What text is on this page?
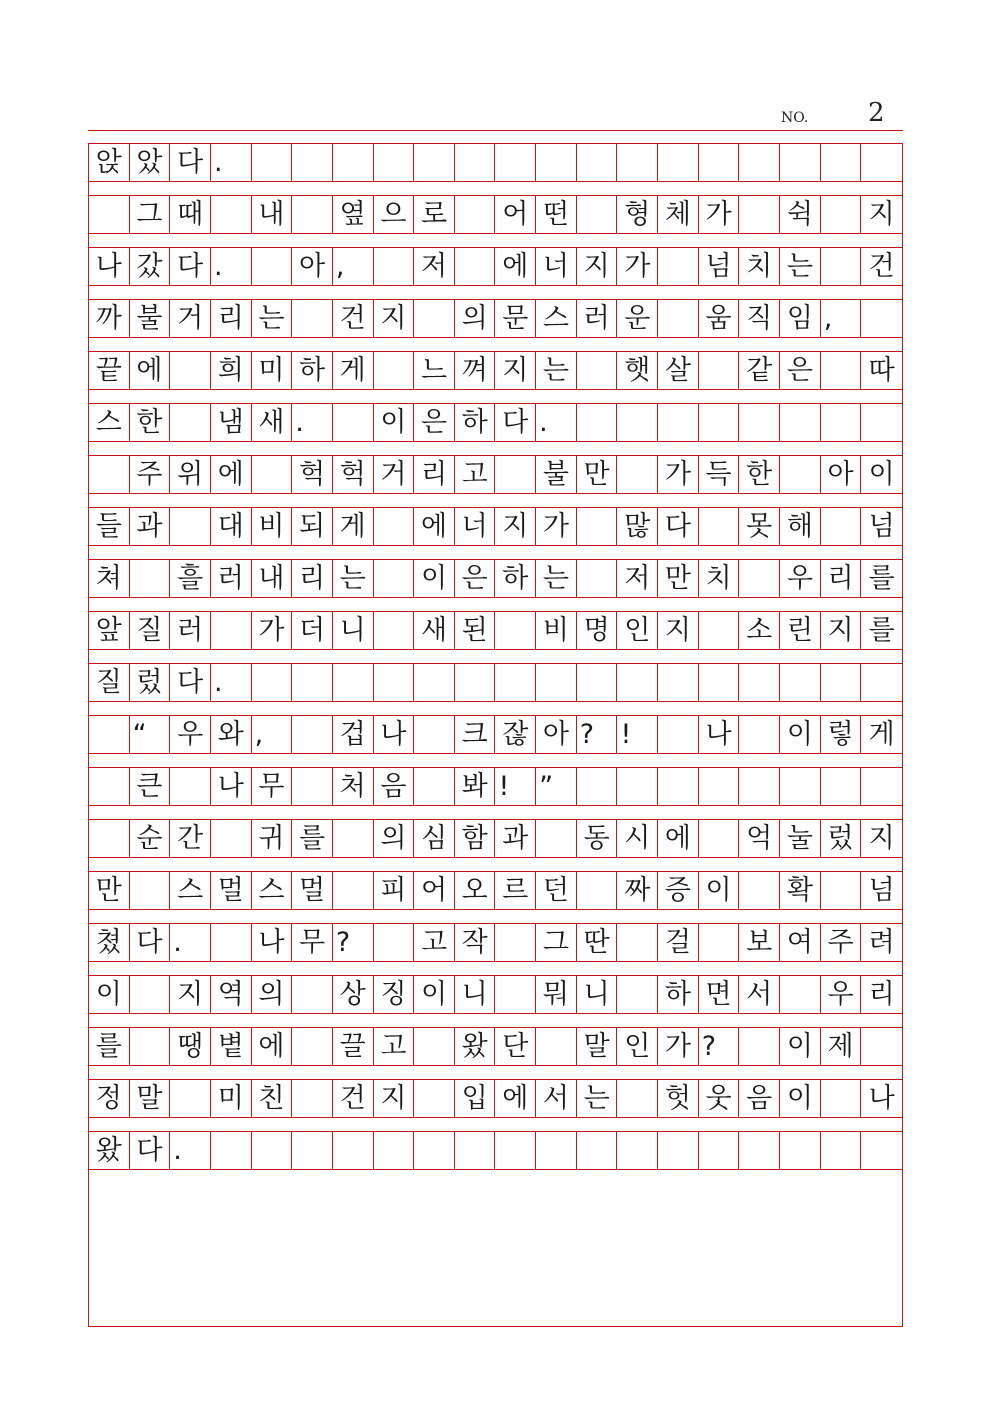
NO. 2
앉 았 다 .
그 때 내 옆 으 로 어 떤 형 체 가 쉭 지
나 갔 다 .	아 ,	저 에 너 지 가 넘 치 는 건
까 불 거 리 는 건 지 의 문 스 러 운 움 직 임 ,
끝 에 희 미 하 게 느 껴 지 는 햇 살 같 은 따
스 한 냄 새 .	이 은 하 다 .
주 위 에 헉 헉 거 리 고 불 만 가 득 한 아 이
들 과 대 비 되 게 에 너 지 가 많 다 못 해 넘
쳐 흘 러 내 리 는 이 은 하 는 저 만 치 우 리 를
앞 질 러 가 더 니 새 된 비 명 인 지 소 린 지 를
질 렀 다 .
“	우 와 ,	겁 나 크 잖 아 ? !	나 이 렇 게
큰 나 무 처 음 봐 !	”
순 간 귀 를 의 심 함 과 동 시 에 억 눌 렀 지
만 스 멀 스 멀 피 어 오 르 던 짜 증 이 확 넘
쳤 다 .	나 무 ?	고 작 그 딴 걸 보 여 주 려
이 지 역 의 상 징 이 니 뭐 니 하 면 서 우 리
를 땡 볕 에 끌 고 왔 단 말 인 가 ?	이 제
정 말 미 친 건 지 입 에 서 는 헛 웃 음 이 나
왔 다 .
